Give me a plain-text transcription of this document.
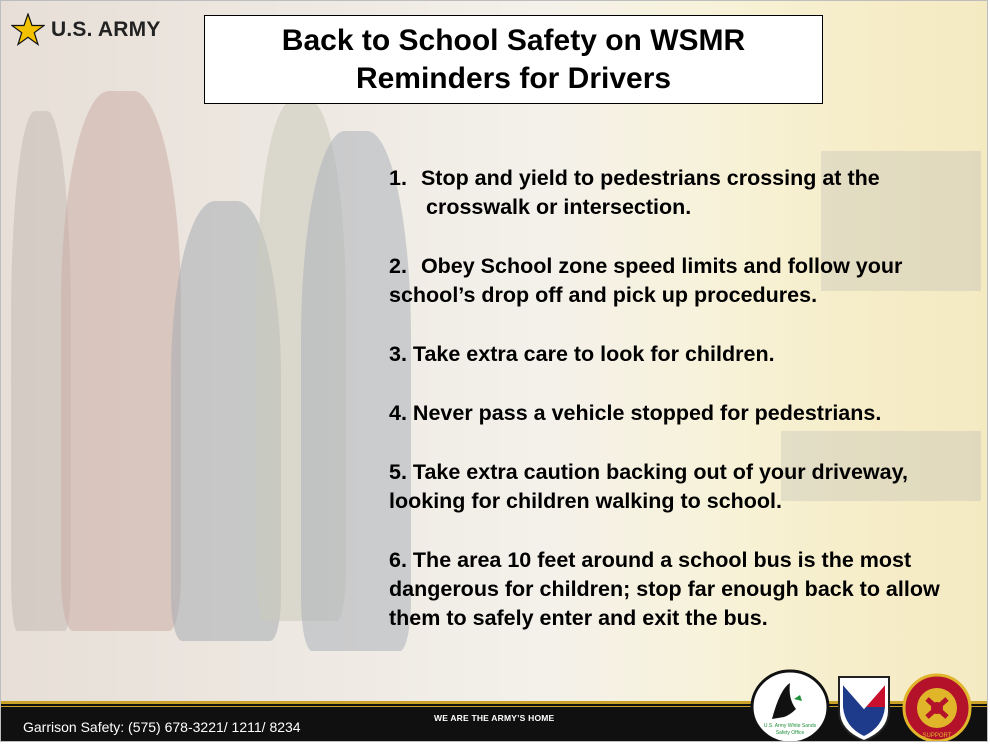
U.S. ARMY	Back to School Safety on WSMR
Reminders for Drivers
1. Stop and yield to pedestrians crossing at the crosswalk or intersection.
2. Obey School zone speed limits and follow your school’s drop off and pick up procedures.
3. Take extra care to look for children.
4. Never pass a vehicle stopped for pedestrians.
5. Take extra caution backing out of your driveway, looking for children walking to school.
6. The area 10 feet around a school bus is the most dangerous for children; stop far enough back to allow them to safely enter and exit the bus.
Garrison Safety: (575) 678-3221/ 1211/ 8234
WE ARE THE ARMY’S HOME
U.S. Army White Sands
Safety Office	SUPPORT
